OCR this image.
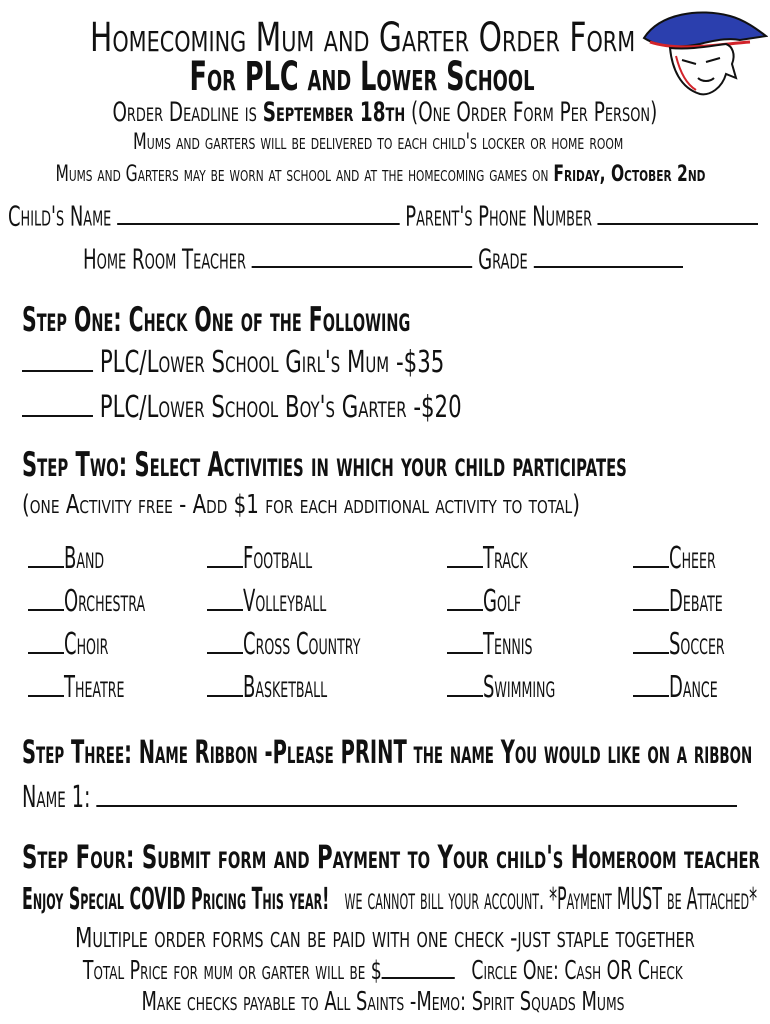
Homecoming Mum and Garter Order Form
For PLC and Lower School
Order Deadline is September 18th (One Order Form Per Person)
Mums and garters will be delivered to each child's locker or home room
Mums and Garters may be worn at school and at the homecoming games on Friday, October 2nd
Child's Name	Parent's Phone Number
Home Room Teacher	Grade
Step One: Check One of the Following
PLC/Lower School Girl's Mum -$35
PLC/Lower School Boy's Garter -$20
Step Two: Select Activities in which your child participates
(one Activity free - Add $1 for each additional activity to total)
Band	Football	Track	Cheer
Orchestra	Volleyball	Golf	Debate
Choir	Cross Country	Tennis	Soccer
Theatre	Basketball	Swimming	Dance
Step Three: Name Ribbon -Please PRINT the name You would like on a ribbon
Name 1:
Step Four: Submit form and Payment to Your child's Homeroom teacher
Enjoy Special COVID Pricing This year! we cannot bill your account. *Payment MUST be Attached*
Multiple order forms can be paid with one check -just staple together
Total Price for mum or garter will be $	Circle One: Cash OR Check
Make checks payable to All Saints -Memo: Spirit Squads Mums
